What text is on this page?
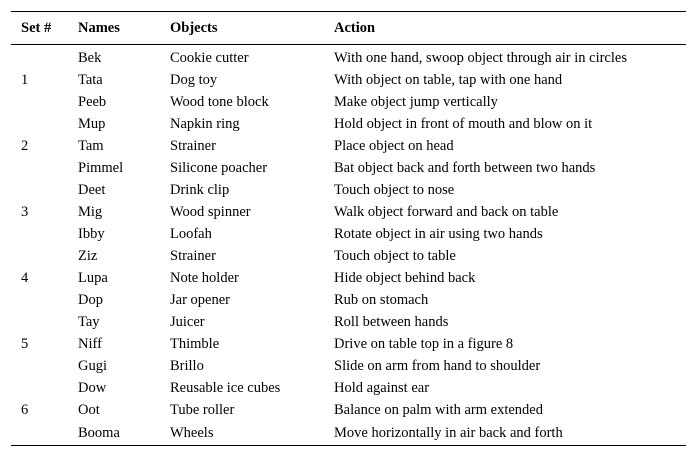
Set #	Names	Objects	Action
	Bek	Cookie cutter	With one hand, swoop object through air in circles
1	Tata	Dog toy	With object on table, tap with one hand
	Peeb	Wood tone block	Make object jump vertically
	Mup	Napkin ring	Hold object in front of mouth and blow on it
2	Tam	Strainer	Place object on head
	Pimmel	Silicone poacher	Bat object back and forth between two hands
	Deet	Drink clip	Touch object to nose
3	Mig	Wood spinner	Walk object forward and back on table
	Ibby	Loofah	Rotate object in air using two hands
	Ziz	Strainer	Touch object to table
4	Lupa	Note holder	Hide object behind back
	Dop	Jar opener	Rub on stomach
	Tay	Juicer	Roll between hands
5	Niff	Thimble	Drive on table top in a figure 8
	Gugi	Brillo	Slide on arm from hand to shoulder
	Dow	Reusable ice cubes	Hold against ear
6	Oot	Tube roller	Balance on palm with arm extended
	Booma	Wheels	Move horizontally in air back and forth
